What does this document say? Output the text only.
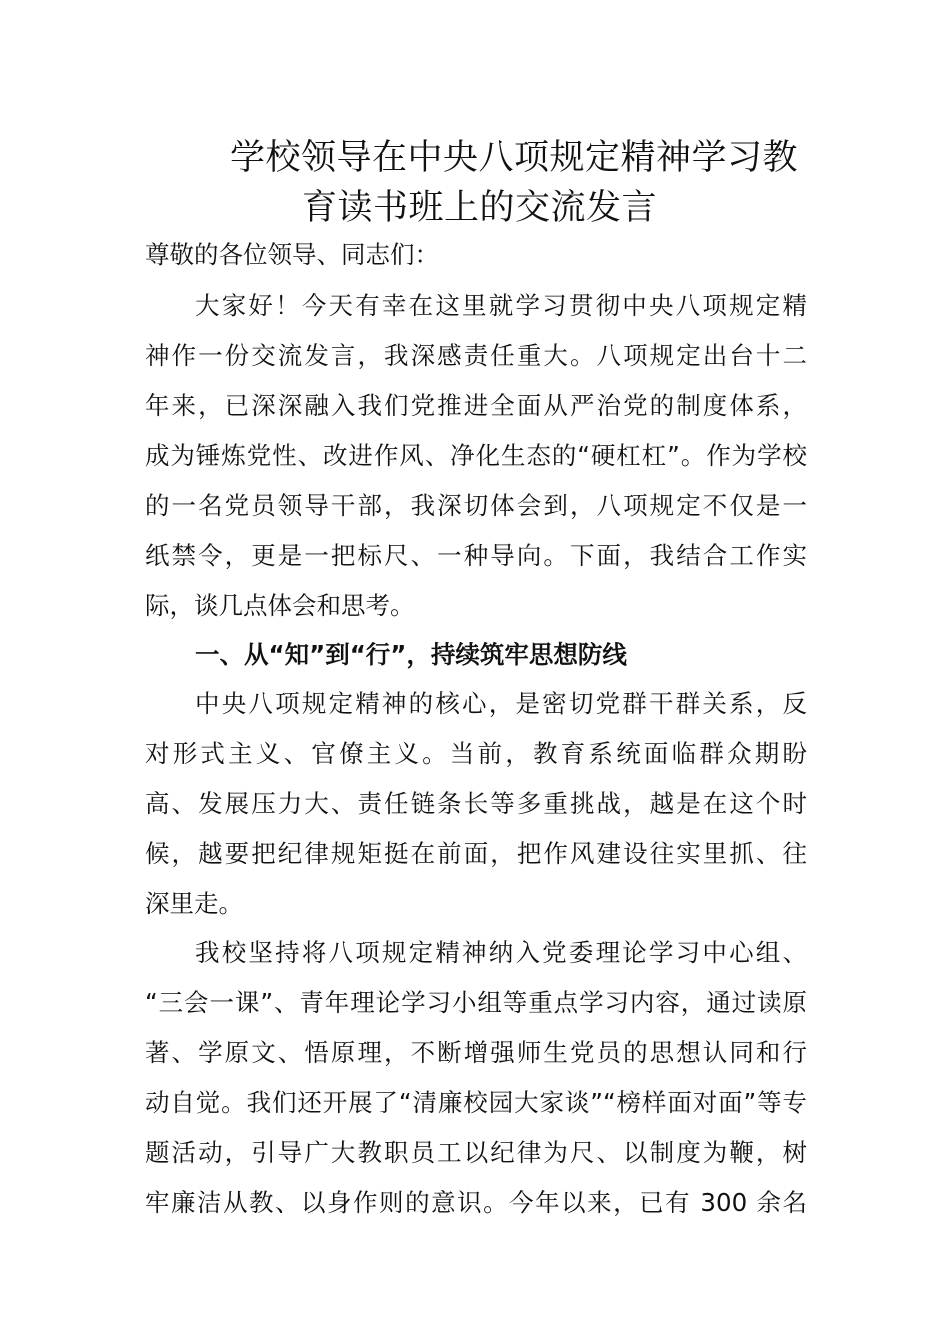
学校领导在中央八项规定精神学习教
育读书班上的交流发言
尊敬的各位领导、同志们：
大家好！今天有幸在这里就学习贯彻中央八项规定精
神作一份交流发言，我深感责任重大。八项规定出台十二
年来，已深深融入我们党推进全面从严治党的制度体系，
成为锤炼党性、改进作风、净化生态的“硬杠杠”。作为学校
的一名党员领导干部，我深切体会到，八项规定不仅是一
纸禁令，更是一把标尺、一种导向。下面，我结合工作实
际，谈几点体会和思考。
一、从“知”到“行”，持续筑牢思想防线
中央八项规定精神的核心，是密切党群干群关系，反
对形式主义、官僚主义。当前，教育系统面临群众期盼
高、发展压力大、责任链条长等多重挑战，越是在这个时
候，越要把纪律规矩挺在前面，把作风建设往实里抓、往
深里走。
我校坚持将八项规定精神纳入党委理论学习中心组、
“三会一课”、青年理论学习小组等重点学习内容，通过读原
著、学原文、悟原理，不断增强师生党员的思想认同和行
动自觉。我们还开展了“清廉校园大家谈”“榜样面对面”等专
题活动，引导广大教职员工以纪律为尺、以制度为鞭，树
牢廉洁从教、以身作则的意识。今年以来，已有 300 余名
